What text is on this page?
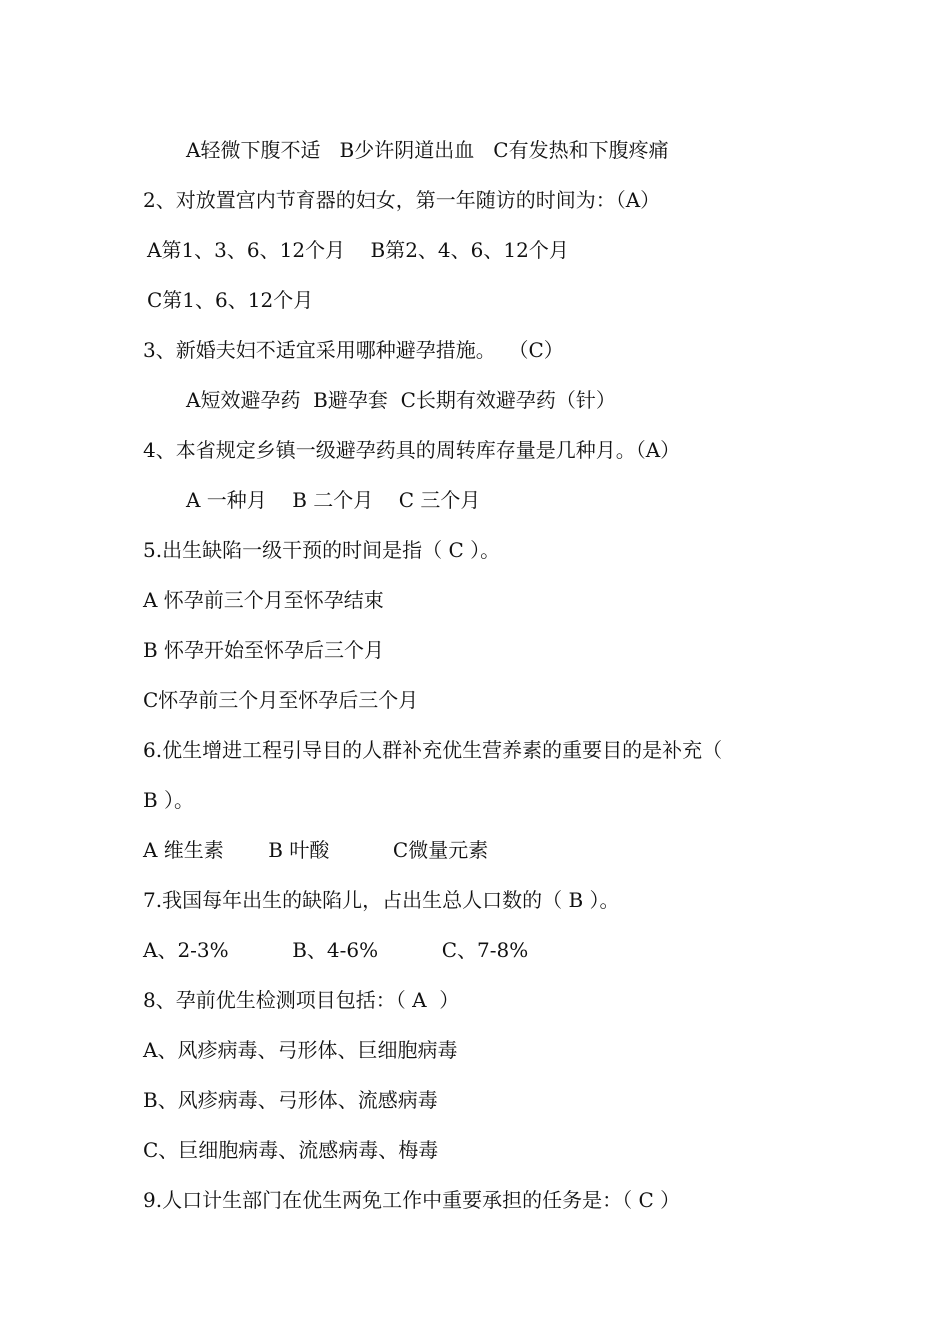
A轻微下腹不适   B少许阴道出血   C有发热和下腹疼痛
2、对放置宫内节育器的妇女，第一年随访的时间为：（A）
A第1、3、6、12个月    B第2、4、6、12个月
C第1、6、12个月
3、新婚夫妇不适宜采用哪种避孕措施。  （C）
A短效避孕药  B避孕套  C长期有效避孕药（针）
4、本省规定乡镇一级避孕药具的周转库存量是几种月。（A）
A 一种月    B 二个月    C 三个月
5.出生缺陷一级干预的时间是指（ C ）。
A 怀孕前三个月至怀孕结束
B 怀孕开始至怀孕后三个月
C怀孕前三个月至怀孕后三个月
6.优生增进工程引导目的人群补充优生营养素的重要目的是补充（
B ）。
A 维生素       B 叶酸          C微量元素
7.我国每年出生的缺陷儿，占出生总人口数的（ B ）。
A、2-3%          B、4-6%          C、7-8%
8、孕前优生检测项目包括：（ A  ）
A、风疹病毒、弓形体、巨细胞病毒
B、风疹病毒、弓形体、流感病毒
C、巨细胞病毒、流感病毒、梅毒
9.人口计生部门在优生两免工作中重要承担的任务是：（ C ）
